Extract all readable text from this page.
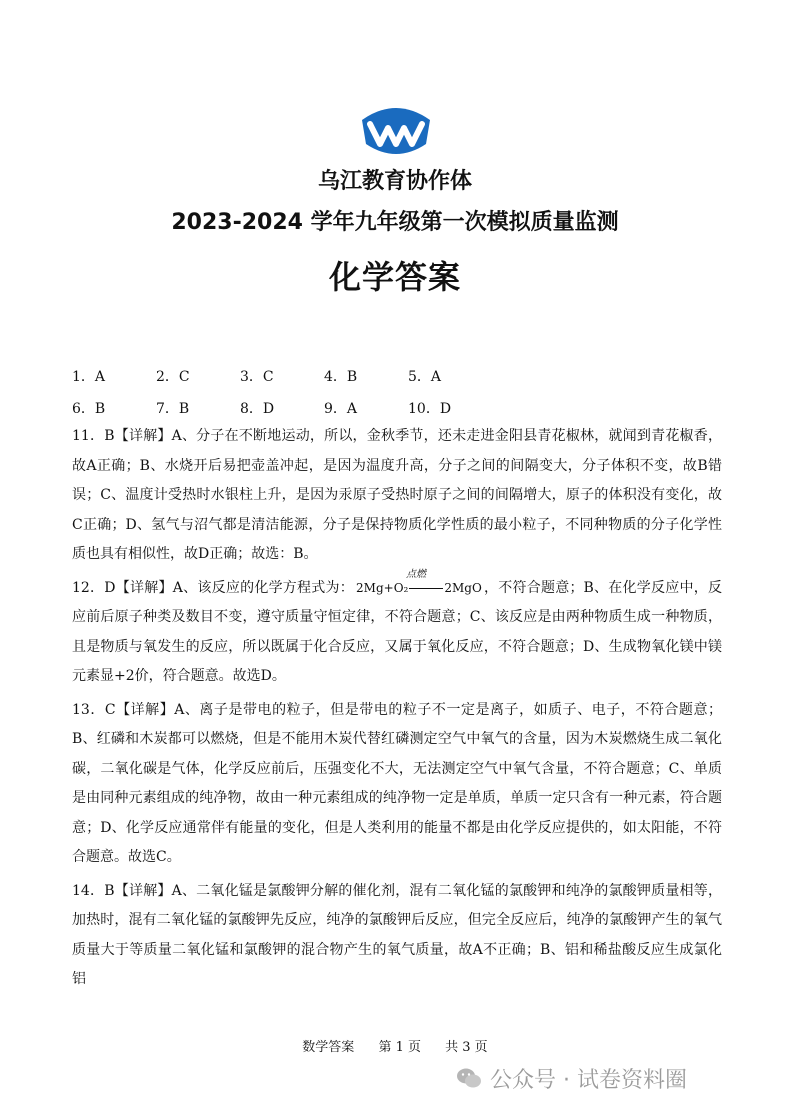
乌江教育协作体
2023-2024 学年九年级第一次模拟质量监测
化学答案
1．A	2．C	3．C	4．B	5．A
6．B	7．B	8．D	9．A	10．D

11．B【详解】A、分子在不断地运动，所以，金秋季节，还未走进金阳县青花椒林，就闻到青花椒香，故A正确；B、水烧开后易把壶盖冲起，是因为温度升高，分子之间的间隔变大，分子体积不变，故B错误；C、温度计受热时水银柱上升，是因为汞原子受热时原子之间的间隔增大，原子的体积没有变化，故C正确；D、氢气与沼气都是清洁能源，分子是保持物质化学性质的最小粒子，不同种物质的分子化学性质也具有相似性，故D正确；故选：B。

12．D【详解】A、该反应的化学方程式为： 2Mg+O₂
点燃
2MgO ，不符合题意；B、在化学反应中，反应前后原子种类及数目不变，遵守质量守恒定律，不符合题意；C、该反应是由两种物质生成一种物质，且是物质与氧发生的反应，所以既属于化合反应，又属于氧化反应，不符合题意；D、生成物氧化镁中镁元素显+2价，符合题意。故选D。

13．C【详解】A、离子是带电的粒子，但是带电的粒子不一定是离子，如质子、电子，不符合题意；B、红磷和木炭都可以燃烧，但是不能用木炭代替红磷测定空气中氧气的含量，因为木炭燃烧生成二氧化碳，二氧化碳是气体，化学反应前后，压强变化不大，无法测定空气中氧气含量，不符合题意；C、单质是由同种元素组成的纯净物，故由一种元素组成的纯净物一定是单质，单质一定只含有一种元素，符合题意；D、化学反应通常伴有能量的变化，但是人类利用的能量不都是由化学反应提供的，如太阳能，不符合题意。故选C。

14．B【详解】A、二氧化锰是氯酸钾分解的催化剂，混有二氧化锰的氯酸钾和纯净的氯酸钾质量相等，加热时，混有二氧化锰的氯酸钾先反应，纯净的氯酸钾后反应，但完全反应后，纯净的氯酸钾产生的氧气质量大于等质量二氧化锰和氯酸钾的混合物产生的氧气质量，故A不正确；B、铝和稀盐酸反应生成氯化铝

数学答案 第 1 页 共 3 页
公众号 · 试卷资料圈
